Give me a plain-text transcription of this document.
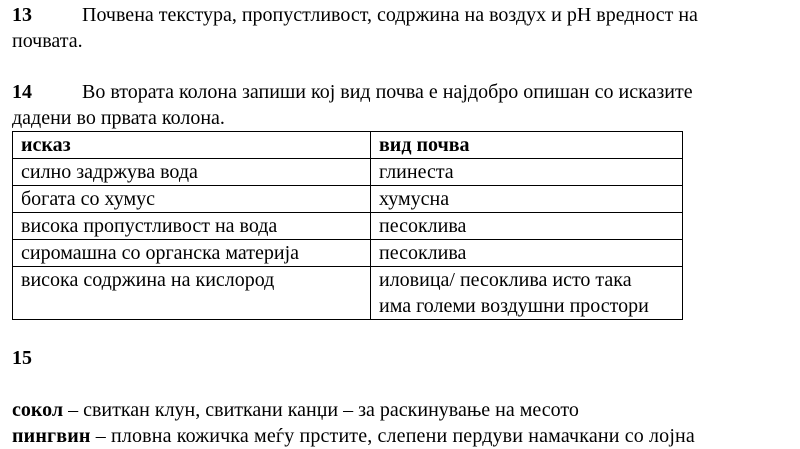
13	Почвена текстура, пропустливост, содржина на воздух и pH вредност на
почвата.
14	Во втората колона запиши кој вид почва е најдобро опишан со исказите
дадени во првата колона.
исказ	вид почва
силно задржува вода	глинеста
богата со хумус	хумусна
висока пропустливост на вода	песоклива
сиромашна со органска материја	песоклива
висока содржина на кислород	иловица/ песоклива исто така
има големи воздушни простори
15
сокол – свиткан клун, свиткани канџи – за раскинување на месото
пингвин – пловна кожичка меѓу прстите, слепени пердуви намачкани со лојна
